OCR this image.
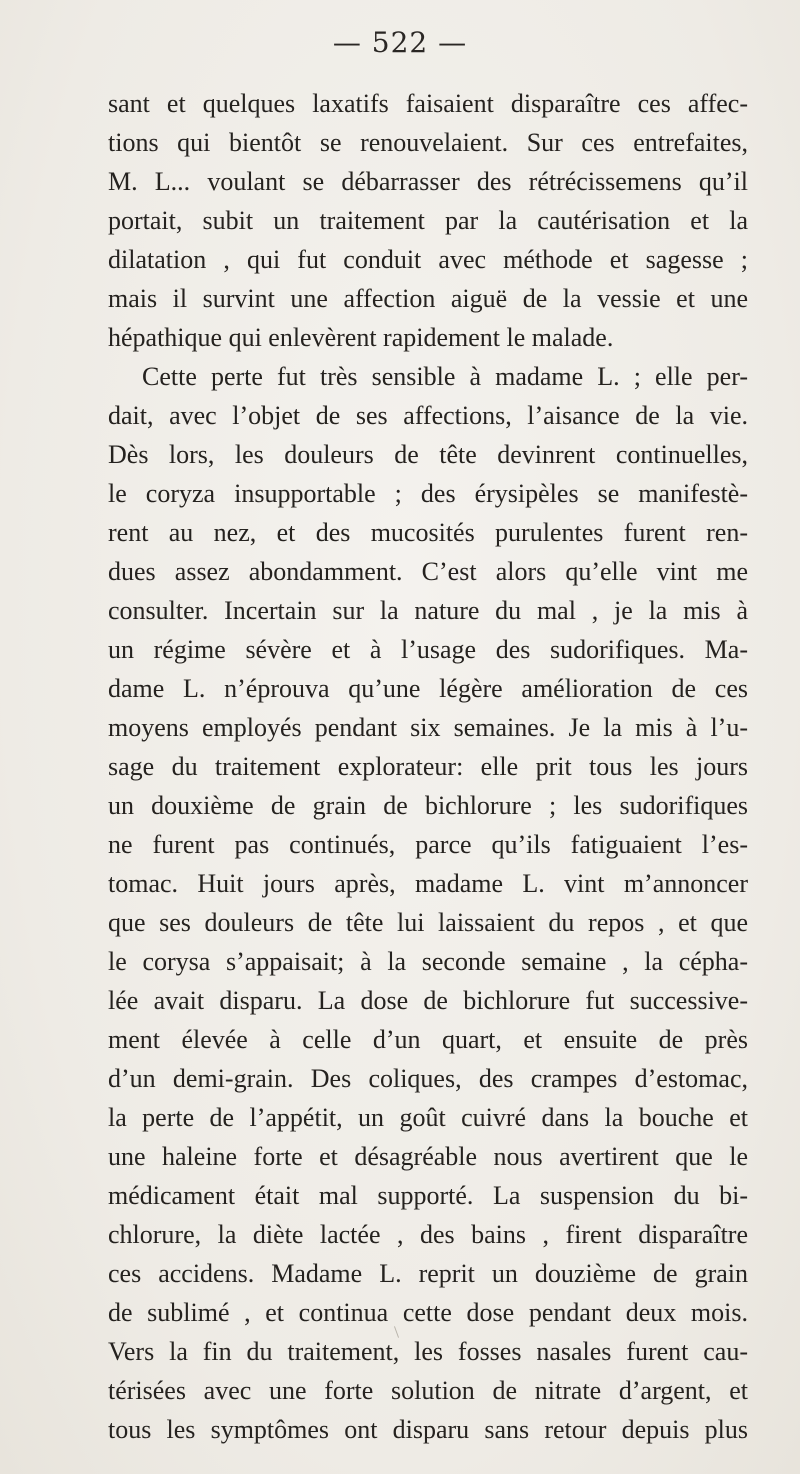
— 522 —
sant et quelques laxatifs faisaient disparaître ces affec-
tions qui bientôt se renouvelaient. Sur ces entrefaites,
M. L... voulant se débarrasser des rétrécissemens qu’il
portait, subit un traitement par la cautérisation et la
dilatation , qui fut conduit avec méthode et sagesse ;
mais il survint une affection aiguë de la vessie et une
hépathique qui enlevèrent rapidement le malade.
Cette perte fut très sensible à madame L. ; elle per-
dait, avec l’objet de ses affections, l’aisance de la vie.
Dès lors, les douleurs de tête devinrent continuelles,
le coryza insupportable ; des érysipèles se manifestè-
rent au nez, et des mucosités purulentes furent ren-
dues assez abondamment. C’est alors qu’elle vint me
consulter. Incertain sur la nature du mal , je la mis à
un régime sévère et à l’usage des sudorifiques. Ma-
dame L. n’éprouva qu’une légère amélioration de ces
moyens employés pendant six semaines. Je la mis à l’u-
sage du traitement explorateur: elle prit tous les jours
un douxième de grain de bichlorure ; les sudorifiques
ne furent pas continués, parce qu’ils fatiguaient l’es-
tomac. Huit jours après, madame L. vint m’annoncer
que ses douleurs de tête lui laissaient du repos , et que
le corysa s’appaisait; à la seconde semaine , la cépha-
lée avait disparu. La dose de bichlorure fut successive-
ment élevée à celle d’un quart, et ensuite de près
d’un demi-grain. Des coliques, des crampes d’estomac,
la perte de l’appétit, un goût cuivré dans la bouche et
une haleine forte et désagréable nous avertirent que le
médicament était mal supporté. La suspension du bi-
chlorure, la diète lactée , des bains , firent disparaître
ces accidens. Madame L. reprit un douzième de grain
de sublimé , et continua cette dose pendant deux mois.
Vers la fin du traitement, les fosses nasales furent cau-
térisées avec une forte solution de nitrate d’argent, et
tous les symptômes ont disparu sans retour depuis plus
